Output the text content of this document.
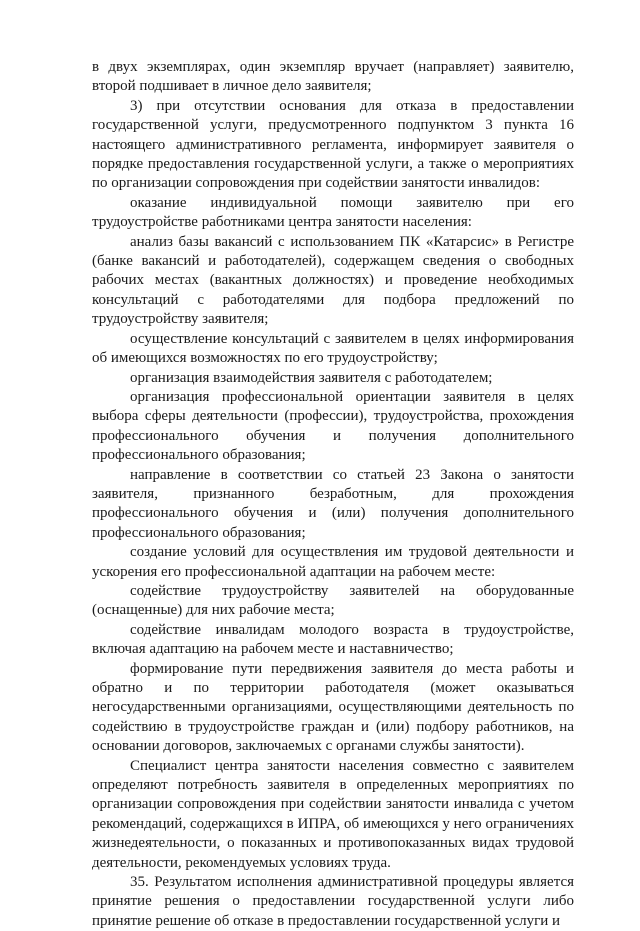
в двух экземплярах, один экземпляр вручает (направляет) заявителю, второй подшивает в личное дело заявителя;

3) при отсутствии основания для отказа в предоставлении государственной услуги, предусмотренного подпунктом 3 пункта 16 настоящего административного регламента, информирует заявителя о порядке предоставления государственной услуги, а также о мероприятиях по организации сопровождения при содействии занятости инвалидов:

оказание индивидуальной помощи заявителю при его трудоустройстве работниками центра занятости населения:

анализ базы вакансий с использованием ПК «Катарсис» в Регистре (банке вакансий и работодателей), содержащем сведения о свободных рабочих местах (вакантных должностях) и проведение необходимых консультаций с работодателями для подбора предложений по трудоустройству заявителя;

осуществление консультаций с заявителем в целях информирования об имеющихся возможностях по его трудоустройству;

организация взаимодействия заявителя с работодателем;

организация профессиональной ориентации заявителя в целях выбора сферы деятельности (профессии), трудоустройства, прохождения профессионального обучения и получения дополнительного профессионального образования;

направление в соответствии со статьей 23 Закона о занятости заявителя, признанного безработным, для прохождения профессионального обучения и (или) получения дополнительного профессионального образования;

создание условий для осуществления им трудовой деятельности и ускорения его профессиональной адаптации на рабочем месте:

содействие трудоустройству заявителей на оборудованные (оснащенные) для них рабочие места;

содействие инвалидам молодого возраста в трудоустройстве, включая адаптацию на рабочем месте и наставничество;

формирование пути передвижения заявителя до места работы и обратно и по территории работодателя (может оказываться негосударственными организациями, осуществляющими деятельность по содействию в трудоустройстве граждан и (или) подбору работников, на основании договоров, заключаемых с органами службы занятости).

Специалист центра занятости населения совместно с заявителем определяют потребность заявителя в определенных мероприятиях по организации сопровождения при содействии занятости инвалида с учетом рекомендаций, содержащихся в ИПРА, об имеющихся у него ограничениях жизнедеятельности, о показанных и противопоказанных видах трудовой деятельности, рекомендуемых условиях труда.

35. Результатом исполнения административной процедуры является принятие решения о предоставлении государственной услуги либо принятие решение об отказе в предоставлении государственной услуги и
